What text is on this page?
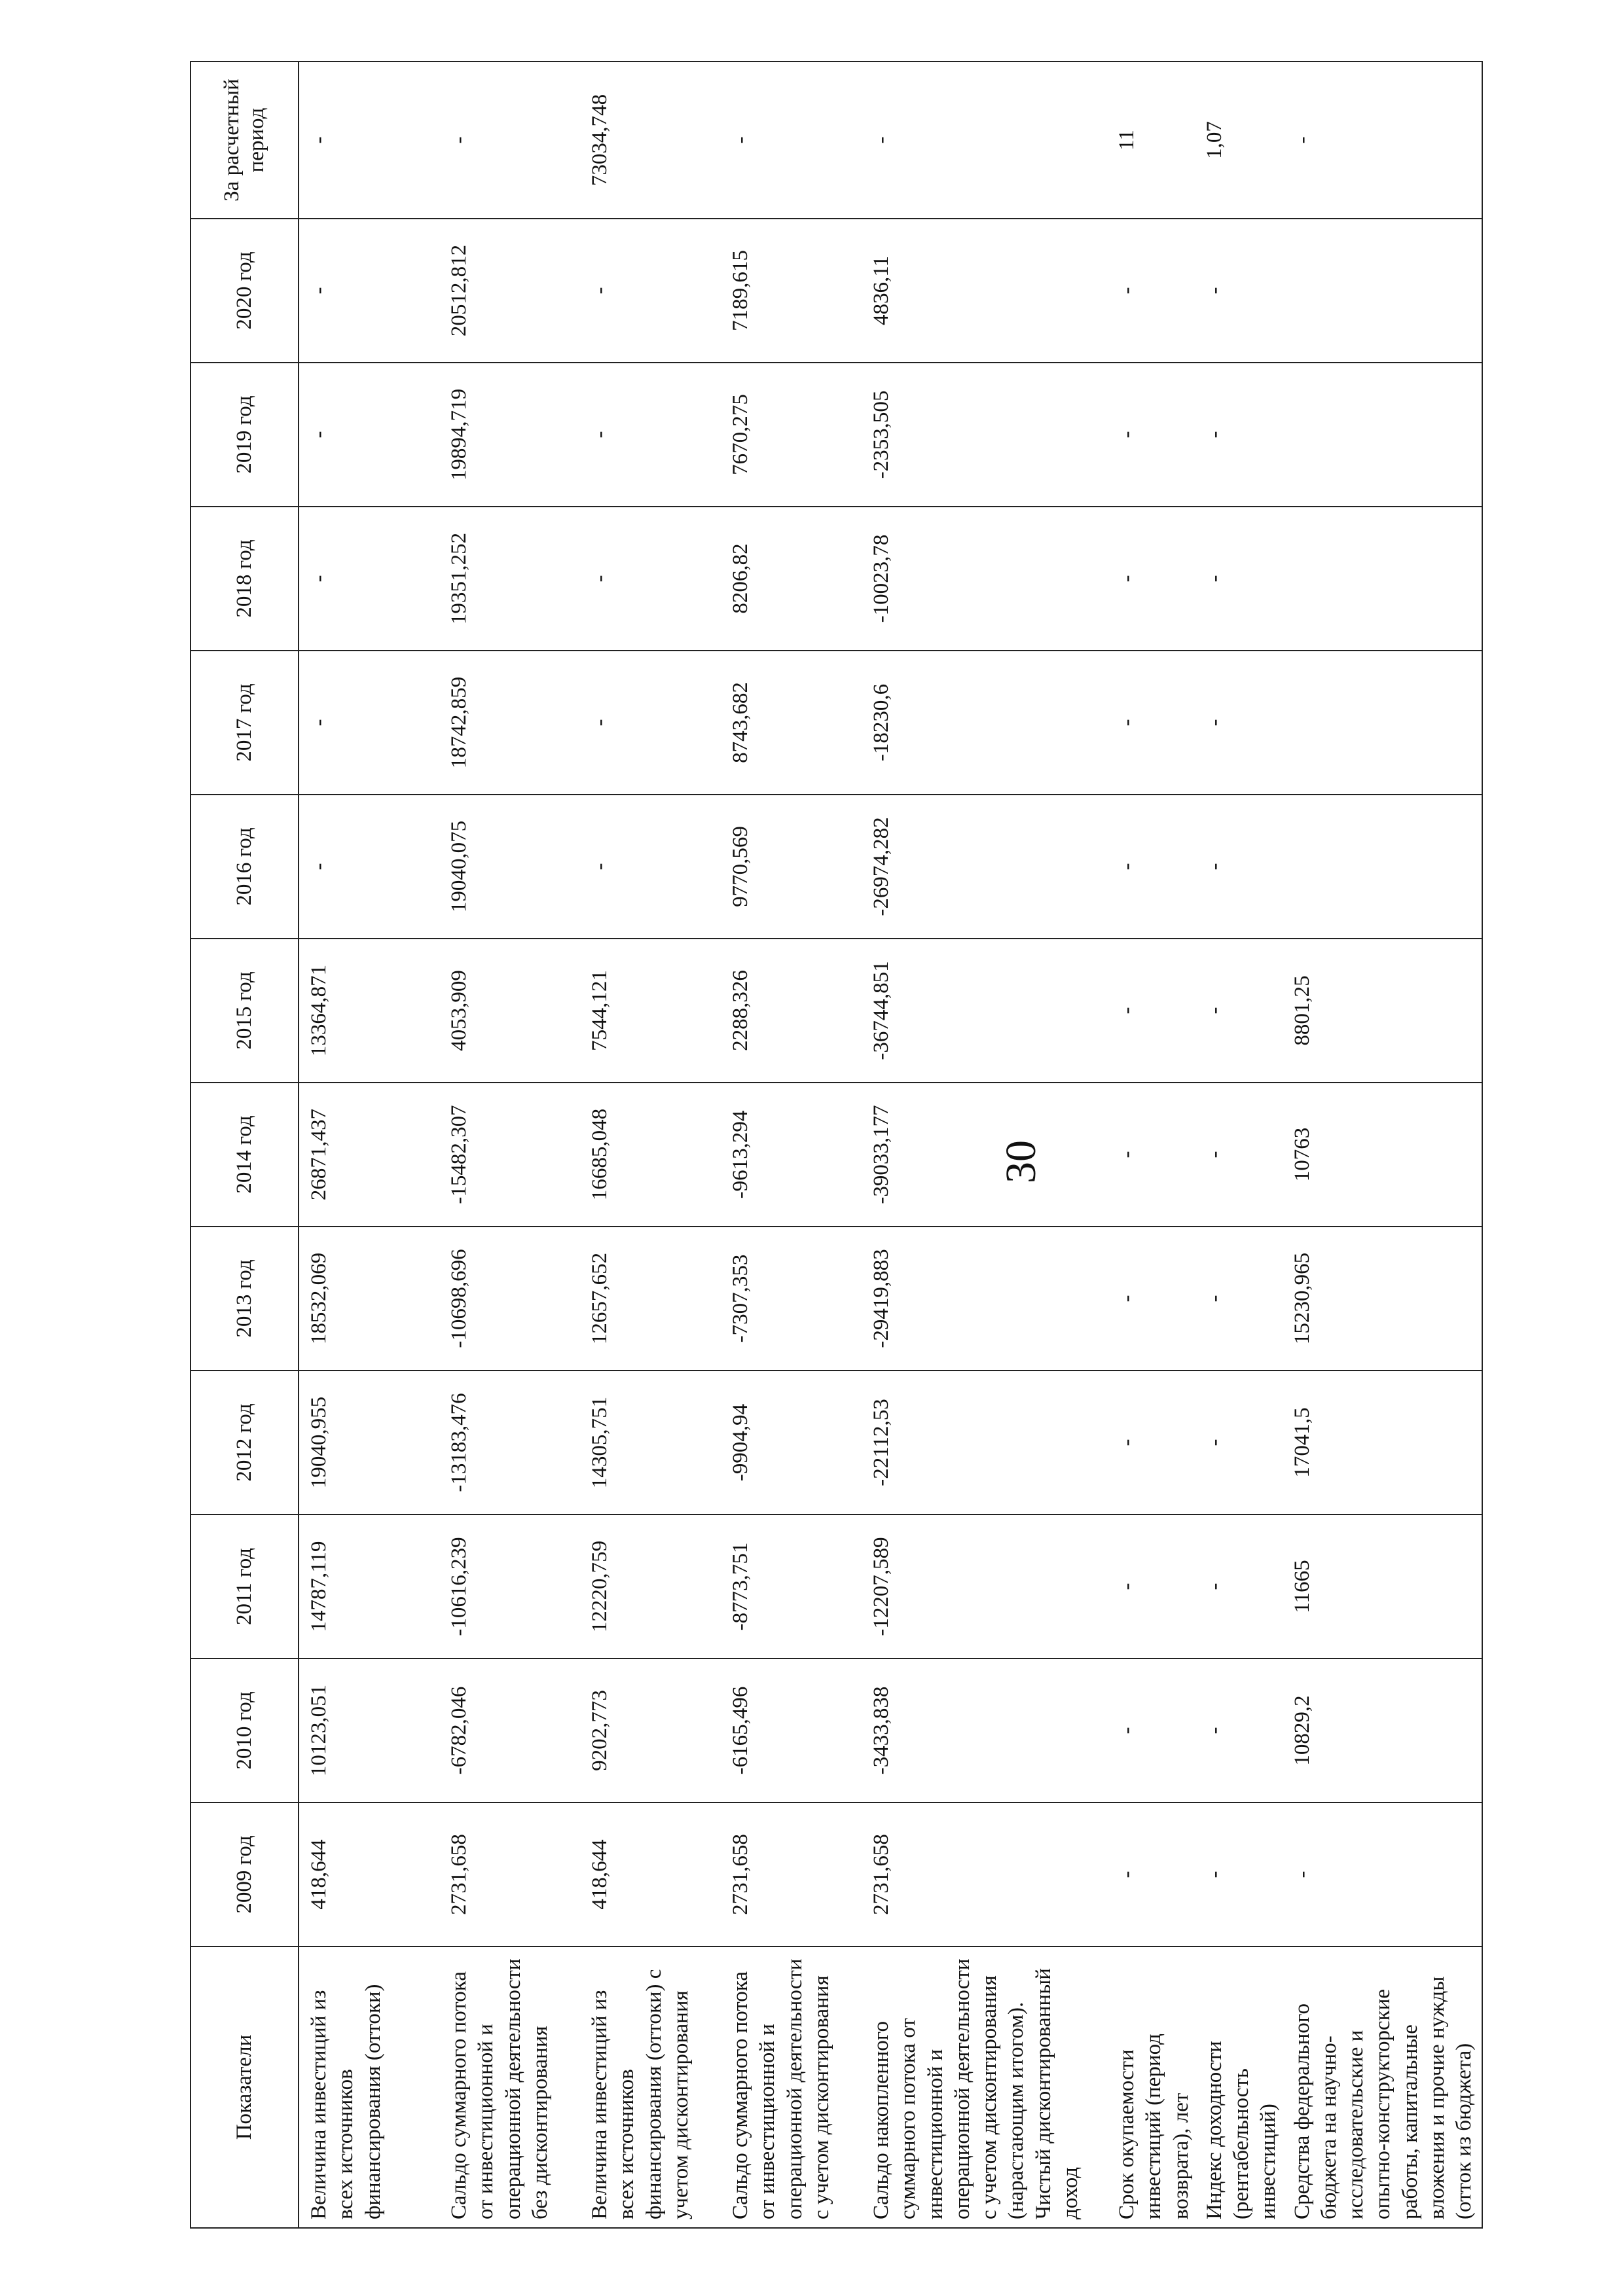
30
Показатели	2009 год	2010 год	2011 год	2012 год	2013 год	2014 год	2015 год	2016 год	2017 год	2018 год	2019 год	2020 год	За расчетный период
Величина инвестиций из всех источников финансирования (оттоки)	418,644	10123,051	14787,119	19040,955	18532,069	26871,437	13364,871	-	-	-	-	-	-
Сальдо суммарного потока от инвестиционной и операционной деятельности без дисконтирования	2731,658	-6782,046	-10616,239	-13183,476	-10698,696	-15482,307	4053,909	19040,075	18742,859	19351,252	19894,719	20512,812	-
Величина инвестиций из всех источников финансирования (оттоки) с учетом дисконтирования	418,644	9202,773	12220,759	14305,751	12657,652	16685,048	7544,121	-	-	-	-	-	73034,748
Сальдо суммарного потока от инвестиционной и операционной деятельности с учетом дисконтирования	2731,658	-6165,496	-8773,751	-9904,94	-7307,353	-9613,294	2288,326	9770,569	8743,682	8206,82	7670,275	7189,615	-
Сальдо накопленного суммарного потока от инвестиционной и операционной деятельности с учетом дисконтирования (нарастающим итогом). Чистый дисконтированный доход	2731,658	-3433,838	-12207,589	-22112,53	-29419,883	-39033,177	-36744,851	-26974,282	-18230,6	-10023,78	-2353,505	4836,11	-
Срок окупаемости инвестиций (период возврата), лет	-	-	-	-	-	-	-	-	-	-	-	-	11
Индекс доходности (рентабельность инвестиций)	-	-	-	-	-	-	-	-	-	-	-	-	1,07
Средства федерального бюджета на научно-исследовательские и опытно-конструкторские работы, капитальные вложения и прочие нужды (отток из бюджета)	-	10829,2	11665	17041,5	15230,965	10763	8801,25						-
